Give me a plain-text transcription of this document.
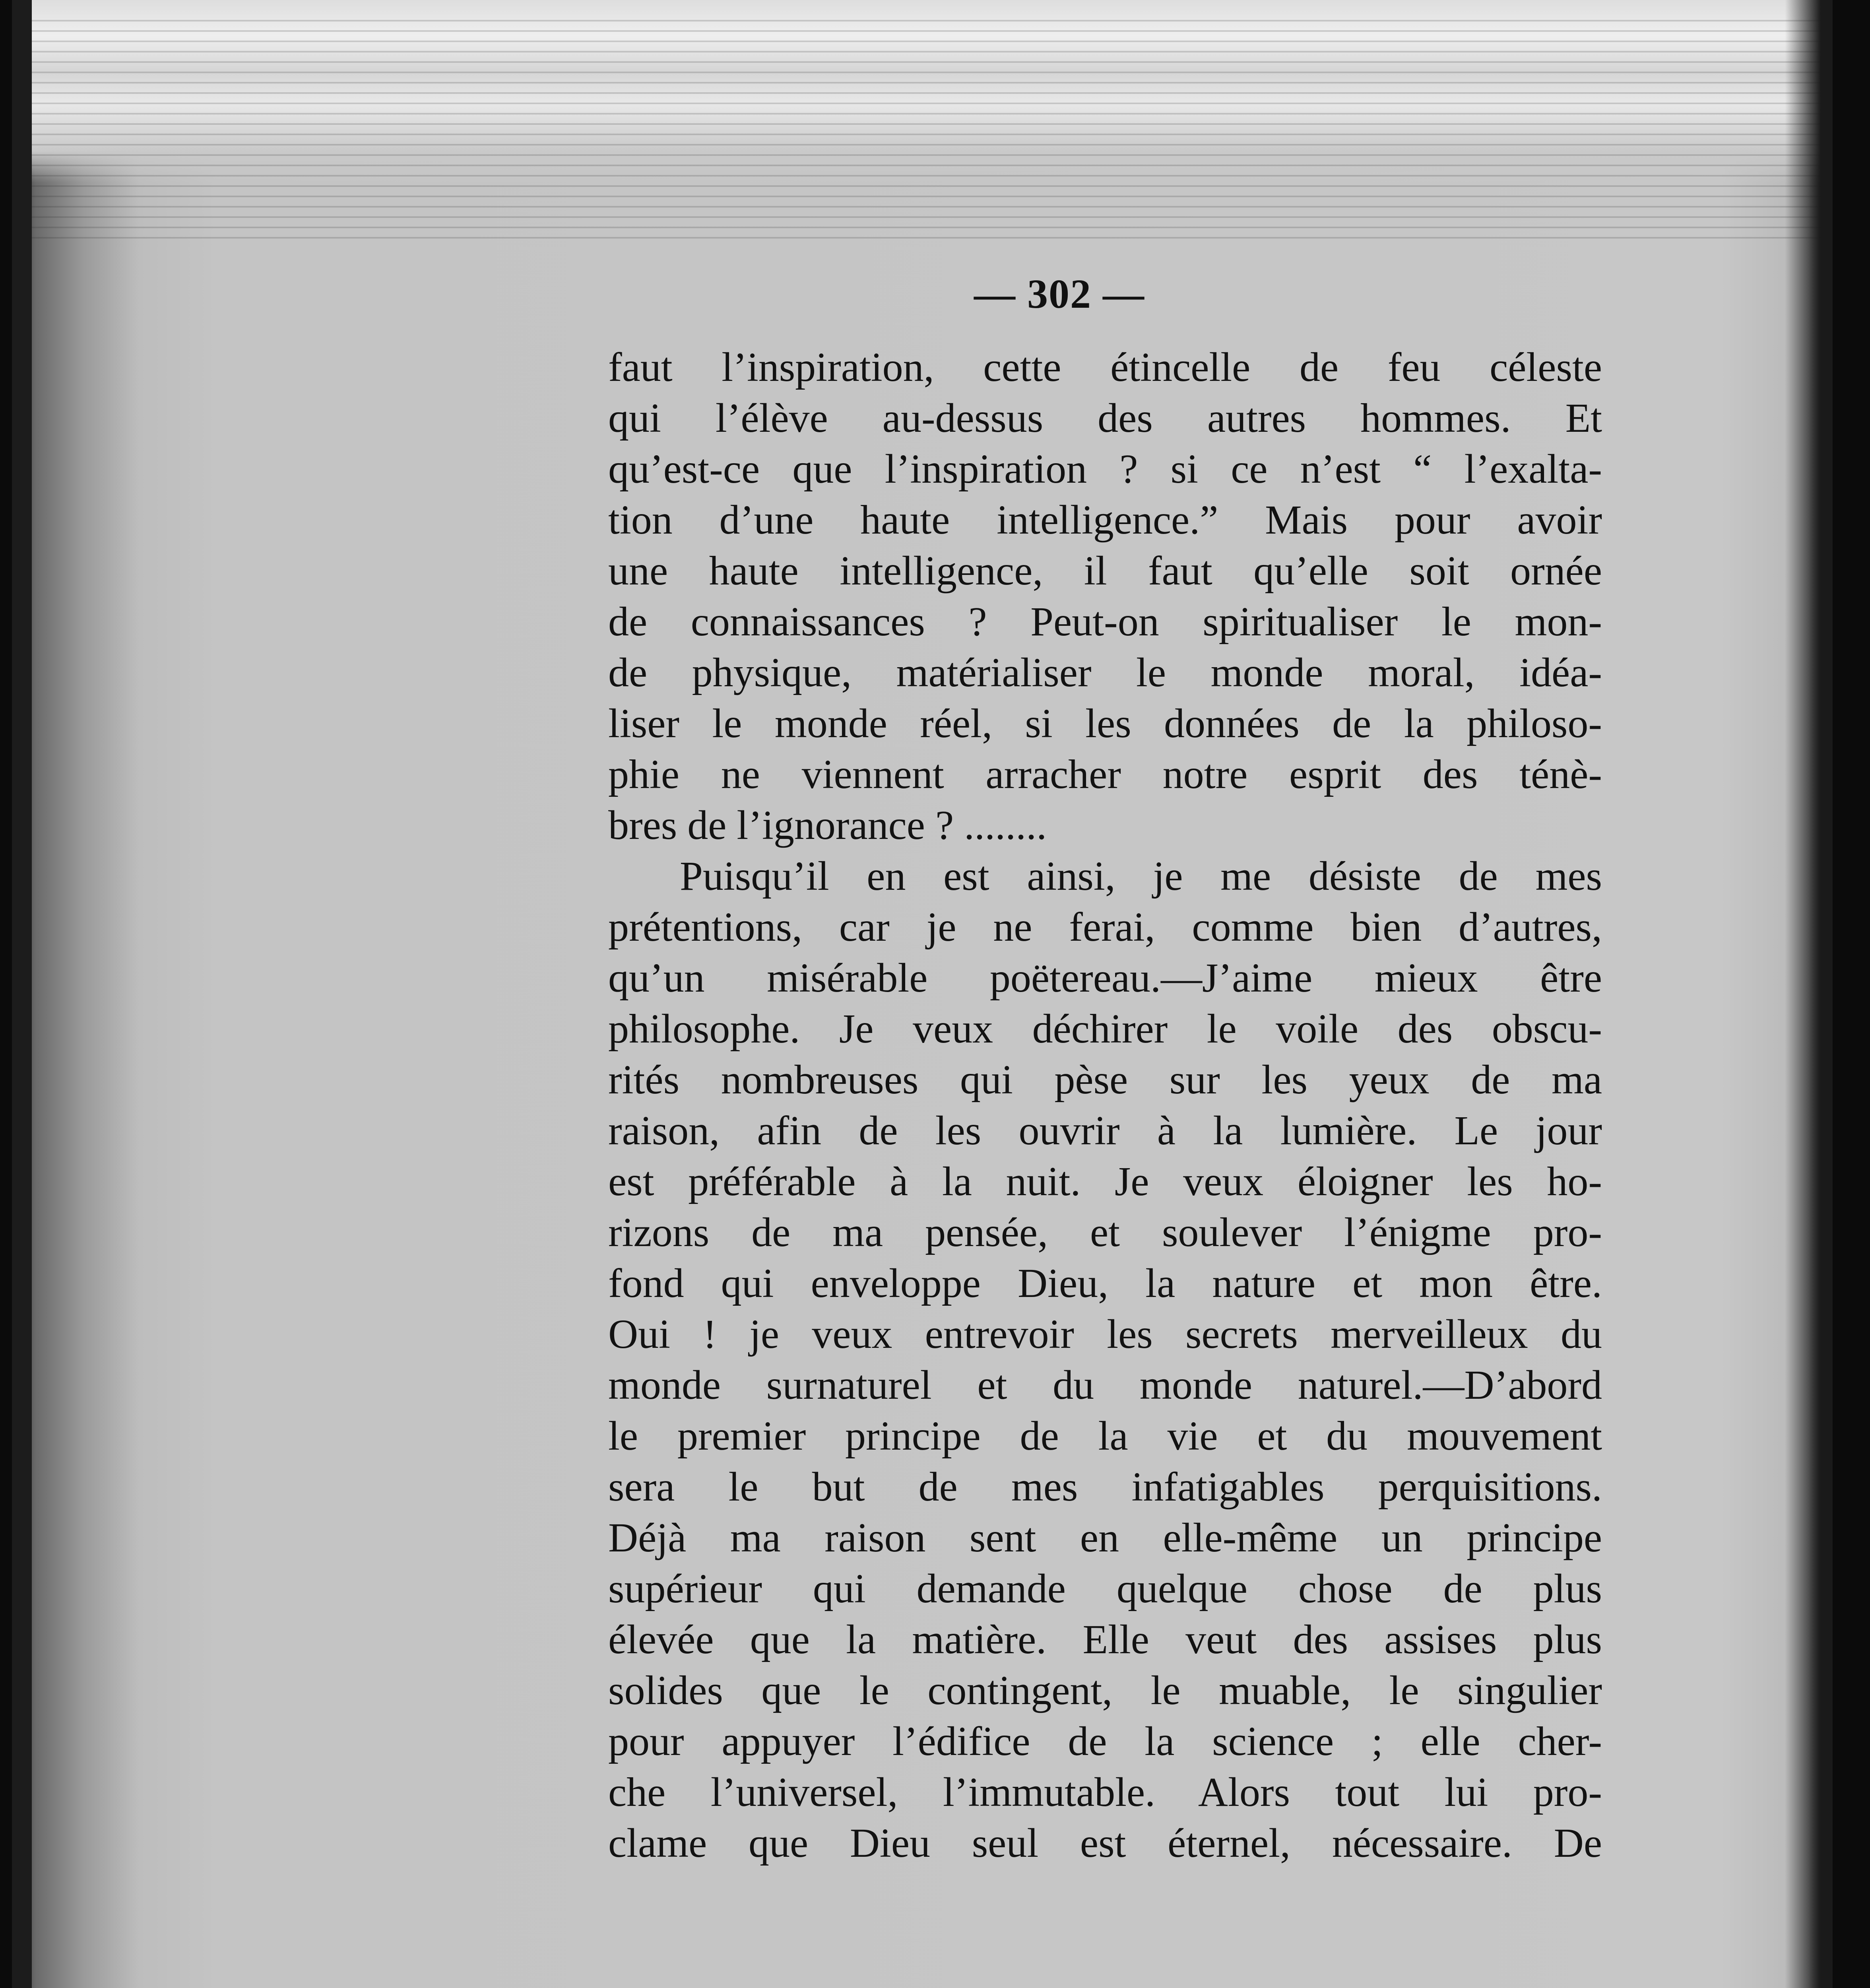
— 302 —
faut l’inspiration, cette étincelle de feu céleste
qui l’élève au-dessus des autres hommes. Et
qu’est-ce que l’inspiration ? si ce n’est “ l’exalta-
tion d’une haute intelligence.” Mais pour avoir
une haute intelligence, il faut qu’elle soit ornée
de connaissances ? Peut-on spiritualiser le mon-
de physique, matérialiser le monde moral, idéa-
liser le monde réel, si les données de la philoso-
phie ne viennent arracher notre esprit des ténè-
bres de l’ignorance ? ........
Puisqu’il en est ainsi, je me désiste de mes
prétentions, car je ne ferai, comme bien d’autres,
qu’un misérable poëtereau.—J’aime mieux être
philosophe. Je veux déchirer le voile des obscu-
rités nombreuses qui pèse sur les yeux de ma
raison, afin de les ouvrir à la lumière. Le jour
est préférable à la nuit. Je veux éloigner les ho-
rizons de ma pensée, et soulever l’énigme pro-
fond qui enveloppe Dieu, la nature et mon être.
Oui ! je veux entrevoir les secrets merveilleux du
monde surnaturel et du monde naturel.—D’abord
le premier principe de la vie et du mouvement
sera le but de mes infatigables perquisitions.
Déjà ma raison sent en elle-même un principe
supérieur qui demande quelque chose de plus
élevée que la matière. Elle veut des assises plus
solides que le contingent, le muable, le singulier
pour appuyer l’édifice de la science ; elle cher-
che l’universel, l’immutable. Alors tout lui pro-
clame que Dieu seul est éternel, nécessaire. De
